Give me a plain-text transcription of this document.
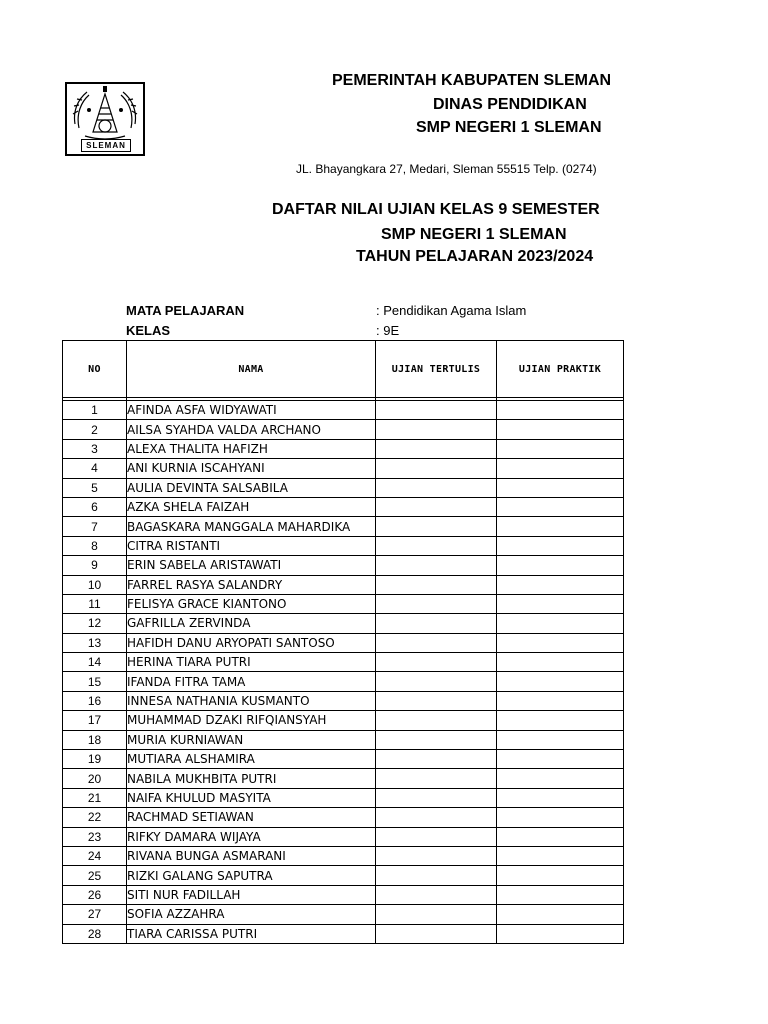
SLEMAN
PEMERINTAH KABUPATEN SLEMAN
DINAS PENDIDIKAN
SMP NEGERI 1 SLEMAN
JL. Bhayangkara 27, Medari, Sleman 55515 Telp. (0274)
DAFTAR NILAI UJIAN KELAS 9 SEMESTER
SMP NEGERI 1 SLEMAN
TAHUN PELAJARAN 2023/2024
MATA PELAJARAN	: Pendidikan Agama Islam
KELAS	: 9E
NO	NAMA	UJIAN TERTULIS	UJIAN PRAKTIK

1	AFINDA ASFA WIDYAWATI		
2	AILSA SYAHDA VALDA ARCHANO		
3	ALEXA THALITA HAFIZH		
4	ANI KURNIA ISCAHYANI		
5	AULIA DEVINTA SALSABILA		
6	AZKA SHELA FAIZAH		
7	BAGASKARA MANGGALA MAHARDIKA		
8	CITRA RISTANTI		
9	ERIN SABELA ARISTAWATI		
10	FARREL RASYA SALANDRY		
11	FELISYA GRACE KIANTONO		
12	GAFRILLA ZERVINDA		
13	HAFIDH DANU ARYOPATI SANTOSO		
14	HERINA TIARA PUTRI		
15	IFANDA FITRA TAMA		
16	INNESA NATHANIA KUSMANTO		
17	MUHAMMAD DZAKI RIFQIANSYAH		
18	MURIA KURNIAWAN		
19	MUTIARA ALSHAMIRA		
20	NABILA MUKHBITA PUTRI		
21	NAIFA KHULUD MASYITA		
22	RACHMAD SETIAWAN		
23	RIFKY DAMARA WIJAYA		
24	RIVANA BUNGA ASMARANI		
25	RIZKI GALANG SAPUTRA		
26	SITI NUR FADILLAH		
27	SOFIA AZZAHRA		
28	TIARA CARISSA PUTRI		
